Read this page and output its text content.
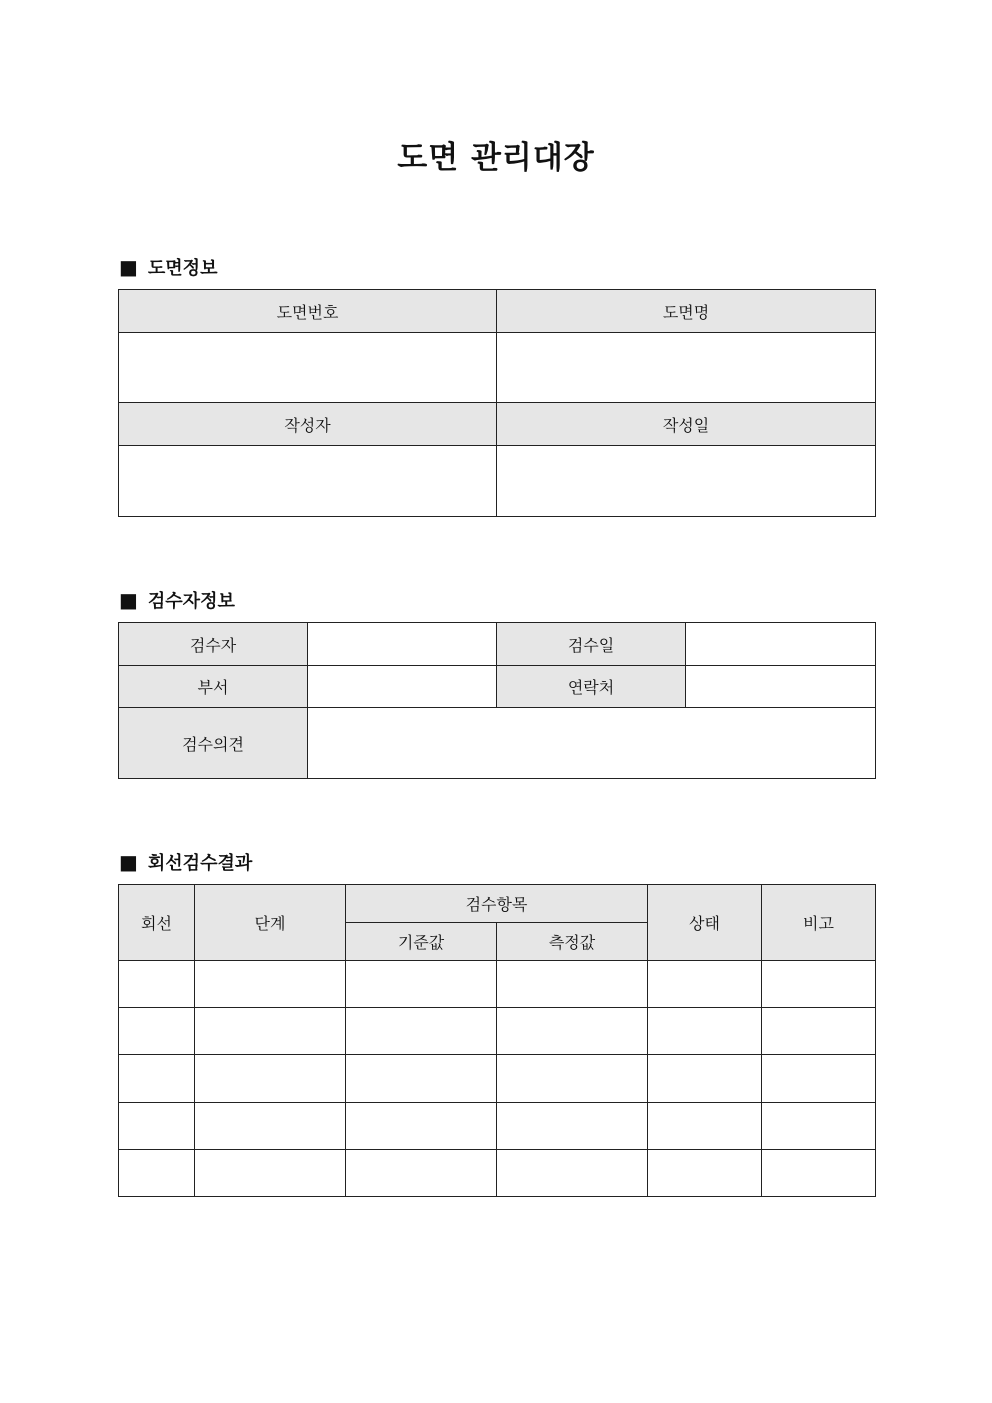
도면 관리대장
■ 도면정보
도면번호	도면명

작성자	작성일

■ 검수자정보
검수자		검수일	
부서		연락처	
검수의견			
■ 회선검수결과
회선	단계	검수항목		상태	비고
		기준값	측정값		
